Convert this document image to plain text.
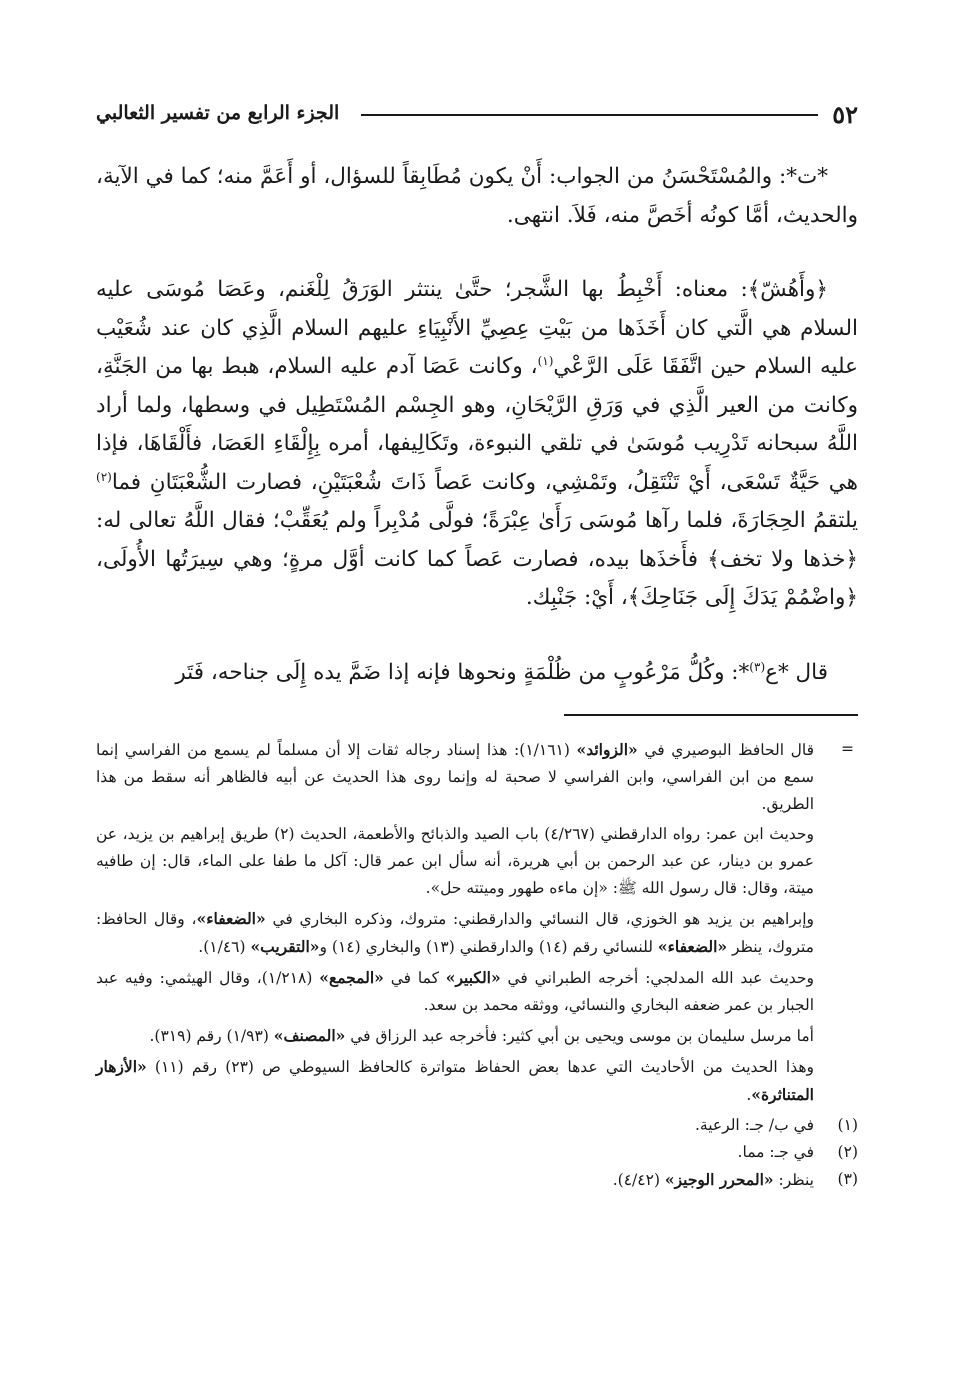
٥٢
الجزء الرابع من تفسير الثعالبي

*ت*: والمُسْتَحْسَنُ من الجواب: أَنْ يكون مُطَابِقاً للسؤال، أو أَعَمَّ منه؛ كما في الآية، والحديث، أمَّا كونُه أخَصَّ منه، فَلاَ. انتهى.

﴿وأَهُشّ﴾: معناه: أَخْبِطُ بها الشَّجر؛ حتَّىٰ ينتثر الوَرَقُ لِلْغَنم، وعَصَا مُوسَى عليه السلام هي الَّتي كان أَخَذَها من بَيْتِ عِصِيِّ الأَنْبِيَاءِ عليهم السلام الَّذِي كان عند شُعَيْب عليه السلام حين اتَّفَقَا عَلَى الرَّعْي$^{(١)}$، وكانت عَصَا آدم عليه السلام، هبط بها من الجَنَّةِ، وكانت من العير الَّذِي في وَرَقِ الرَّيْحَانِ، وهو الجِسْم المُسْتَطِيل في وسطها، ولما أراد اللَّهُ سبحانه تَدْرِيب مُوسَىٰ في تلقي النبوءة، وتَكَالِيفها، أمره بِإِلْقَاءِ العَصَا، فأَلْقَاهَا، فإذا هي حَيَّةٌ تَسْعَى، أَيْ تَنْتَقِلُ، وتَمْشِي، وكانت عَصاً ذَاتَ شُعْبَتَيْنِ، فصارت الشُّعْبَتَانِ فما$^{(٢)}$ يلتقمُ الحِجَارَةَ، فلما رآها مُوسَى رَأَىٰ عِبْرَةً؛ فولَّى مُدْبِراً ولم يُعَقِّبْ؛ فقال اللَّهُ تعالى له: ﴿خذها ولا تخف﴾ فأَخذَها بيده، فصارت عَصاً كما كانت أوَّل مرةٍ؛ وهي سِيرَتُها الأُولَى، ﴿واضْمُمْ يَدَكَ إِلَى جَنَاحِكَ﴾، أَيْ: جَنْبِك.

قال *ع$^{(٣)}$*: وكُلُّ مَرْعُوبٍ من ظُلْمَةٍ ونحوها فإنه إذا ضَمَّ يده إِلَى جناحه، فَتَر

=
قال الحافظ البوصيري في «الزوائد» (١/١٦١): هذا إسناد رجاله ثقات إلا أن مسلماً لم يسمع من الفراسي إنما سمع من ابن الفراسي، وابن الفراسي لا صحبة له وإنما روى هذا الحديث عن أبيه فالظاهر أنه سقط من هذا الطريق.
وحديث ابن عمر: رواه الدارقطني (٤/٢٦٧) باب الصيد والذبائح والأطعمة، الحديث (٢) طريق إبراهيم بن يزيد، عن عمرو بن دينار، عن عبد الرحمن بن أبي هريرة، أنه سأل ابن عمر قال: آكل ما طفا على الماء، قال: إن طافيه ميتة، وقال: قال رسول الله ﷺ: «إن ماءه طهور وميتته حل».
وإبراهيم بن يزيد هو الخوزي، قال النسائي والدارقطني: متروك، وذكره البخاري في «الضعفاء»، وقال الحافظ: متروك، ينظر «الضعفاء» للنسائي رقم (١٤) والدارقطني (١٣) والبخاري (١٤) و«التقريب» (١/٤٦).
وحديث عبد الله المدلجي: أخرجه الطبراني في «الكبير» كما في «المجمع» (١/٢١٨)، وقال الهيثمي: وفيه عبد الجبار بن عمر ضعفه البخاري والنسائي، ووثقه محمد بن سعد.
أما مرسل سليمان بن موسى ويحيى بن أبي كثير: فأخرجه عبد الرزاق في «المصنف» (١/٩٣) رقم (٣١٩).
وهذا الحديث من الأحاديث التي عدها بعض الحفاظ متواترة كالحافظ السيوطي ص (٢٣) رقم (١١) «الأزهار المتناثرة».
(١)
في ب/ جـ: الرعية.
(٢)
في جـ: مما.
(٣)
ينظر: «المحرر الوجيز» (٤/٤٢).
